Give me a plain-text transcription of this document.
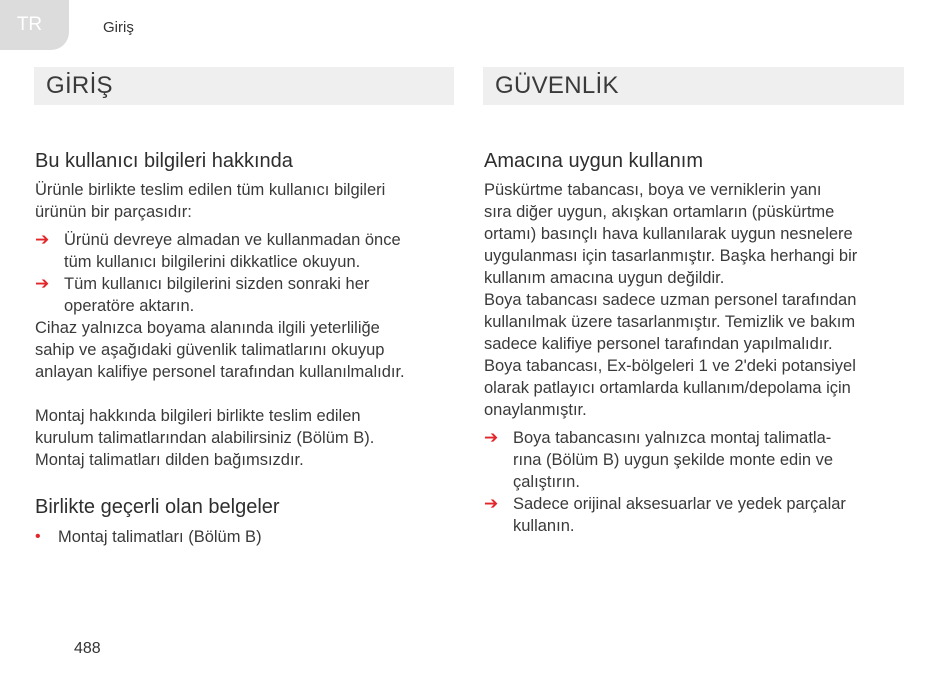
TR	Giriş
GİRİŞ
Bu kullanıcı bilgileri hakkında

Ürünle birlikte teslim edilen tüm kullanıcı bilgileri
ürünün bir parçasıdır:

➔ Ürünü devreye almadan ve kullanmadan önce
tüm kullanıcı bilgilerini dikkatlice okuyun.
➔ Tüm kullanıcı bilgilerini sizden sonraki her
operatöre aktarın.

Cihaz yalnızca boyama alanında ilgili yeterliliğe
sahip ve aşağıdaki güvenlik talimatlarını okuyup
anlayan kalifiye personel tarafından kullanılmalıdır.

Montaj hakkında bilgileri birlikte teslim edilen
kurulum talimatlarından alabilirsiniz (Bölüm B).
Montaj talimatları dilden bağımsızdır.

Birlikte geçerli olan belgeler
• Montaj talimatları (Bölüm B)
GÜVENLİK
Amacına uygun kullanım

Püskürtme tabancası, boya ve verniklerin yanı
sıra diğer uygun, akışkan ortamların (püskürtme
ortamı) basınçlı hava kullanılarak uygun nesnelere
uygulanması için tasarlanmıştır. Başka herhangi bir
kullanım amacına uygun değildir.

Boya tabancası sadece uzman personel tarafından
kullanılmak üzere tasarlanmıştır. Temizlik ve bakım
sadece kalifiye personel tarafından yapılmalıdır.

Boya tabancası, Ex-bölgeleri 1 ve 2'deki potansiyel
olarak patlayıcı ortamlarda kullanım/depolama için
onaylanmıştır.

➔ Boya tabancasını yalnızca montaj talimatla-
rına (Bölüm B) uygun şekilde monte edin ve
çalıştırın.
➔ Sadece orijinal aksesuarlar ve yedek parçalar
kullanın.
488
